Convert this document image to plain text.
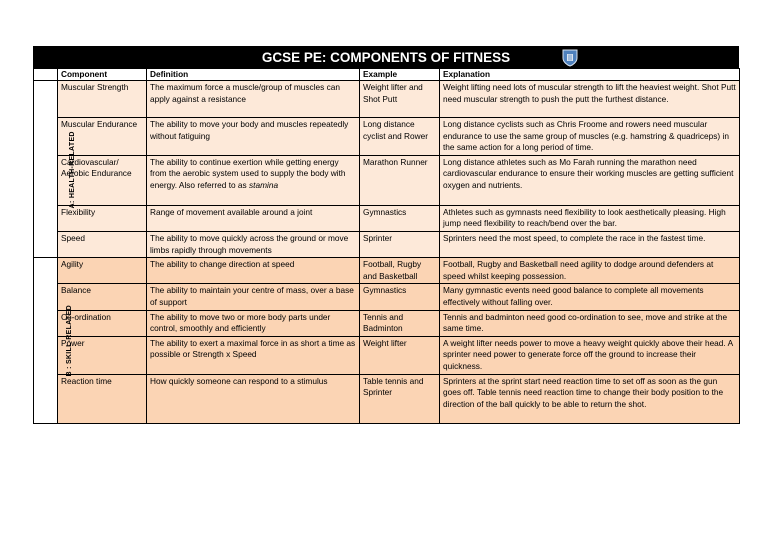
GCSE PE: COMPONENTS OF FITNESS
	Component	Definition	Example	Explanation
A: HEALTH-RELATED	Muscular Strength	The maximum force a muscle/group of muscles can apply against a resistance	Weight lifter and Shot Putt	Weight lifting need lots of muscular strength to lift the heaviest weight. Shot Putt need muscular strength to push the putt the furthest distance.
	Muscular Endurance	The ability to move your body and muscles repeatedly without fatiguing	Long distance cyclist and Rower	Long distance cyclists such as Chris Froome and rowers need muscular endurance to use the same group of muscles (e.g. hamstring & quadriceps) in the same action for a long period of time.
	Cardiovascular/ Aerobic Endurance	The ability to continue exertion while getting energy from the aerobic system used to supply the body with energy. Also referred to as stamina	Marathon Runner	Long distance athletes such as Mo Farah running the marathon need cardiovascular endurance to ensure their working muscles are getting sufficient oxygen and nutrients.
	Flexibility	Range of movement available around a joint	Gymnastics	Athletes such as gymnasts need flexibility to look aesthetically pleasing. High jump need flexibility to reach/bend over the bar.
	Speed	The ability to move quickly across the ground or move limbs rapidly through movements	Sprinter	Sprinters need the most speed, to complete the race in the fastest time.
B : SKILL-RELATED	Agility	The ability to change direction at speed	Football, Rugby and Basketball	Football, Rugby and Basketball need agility to dodge around defenders at speed whilst keeping possession.
	Balance	The ability to maintain your centre of mass, over a base of support	Gymnastics	Many gymnastic events need good balance to complete all movements effectively without falling over.
	Co-ordination	The ability to move two or more body parts under control, smoothly and efficiently	Tennis and Badminton	Tennis and badminton need good co-ordination to see, move and strike at the same time.
	Power	The ability to exert a maximal force in as short a time as possible or Strength x Speed	Weight lifter	A weight lifter needs power to move a heavy weight quickly above their head. A sprinter need power to generate force off the ground to increase their quickness.
	Reaction time	How quickly someone can respond to a stimulus	Table tennis and Sprinter	Sprinters at the sprint start need reaction time to set off as soon as the gun goes off. Table tennis need reaction time to change their body position to the direction of the ball quickly to be able to return the shot.
